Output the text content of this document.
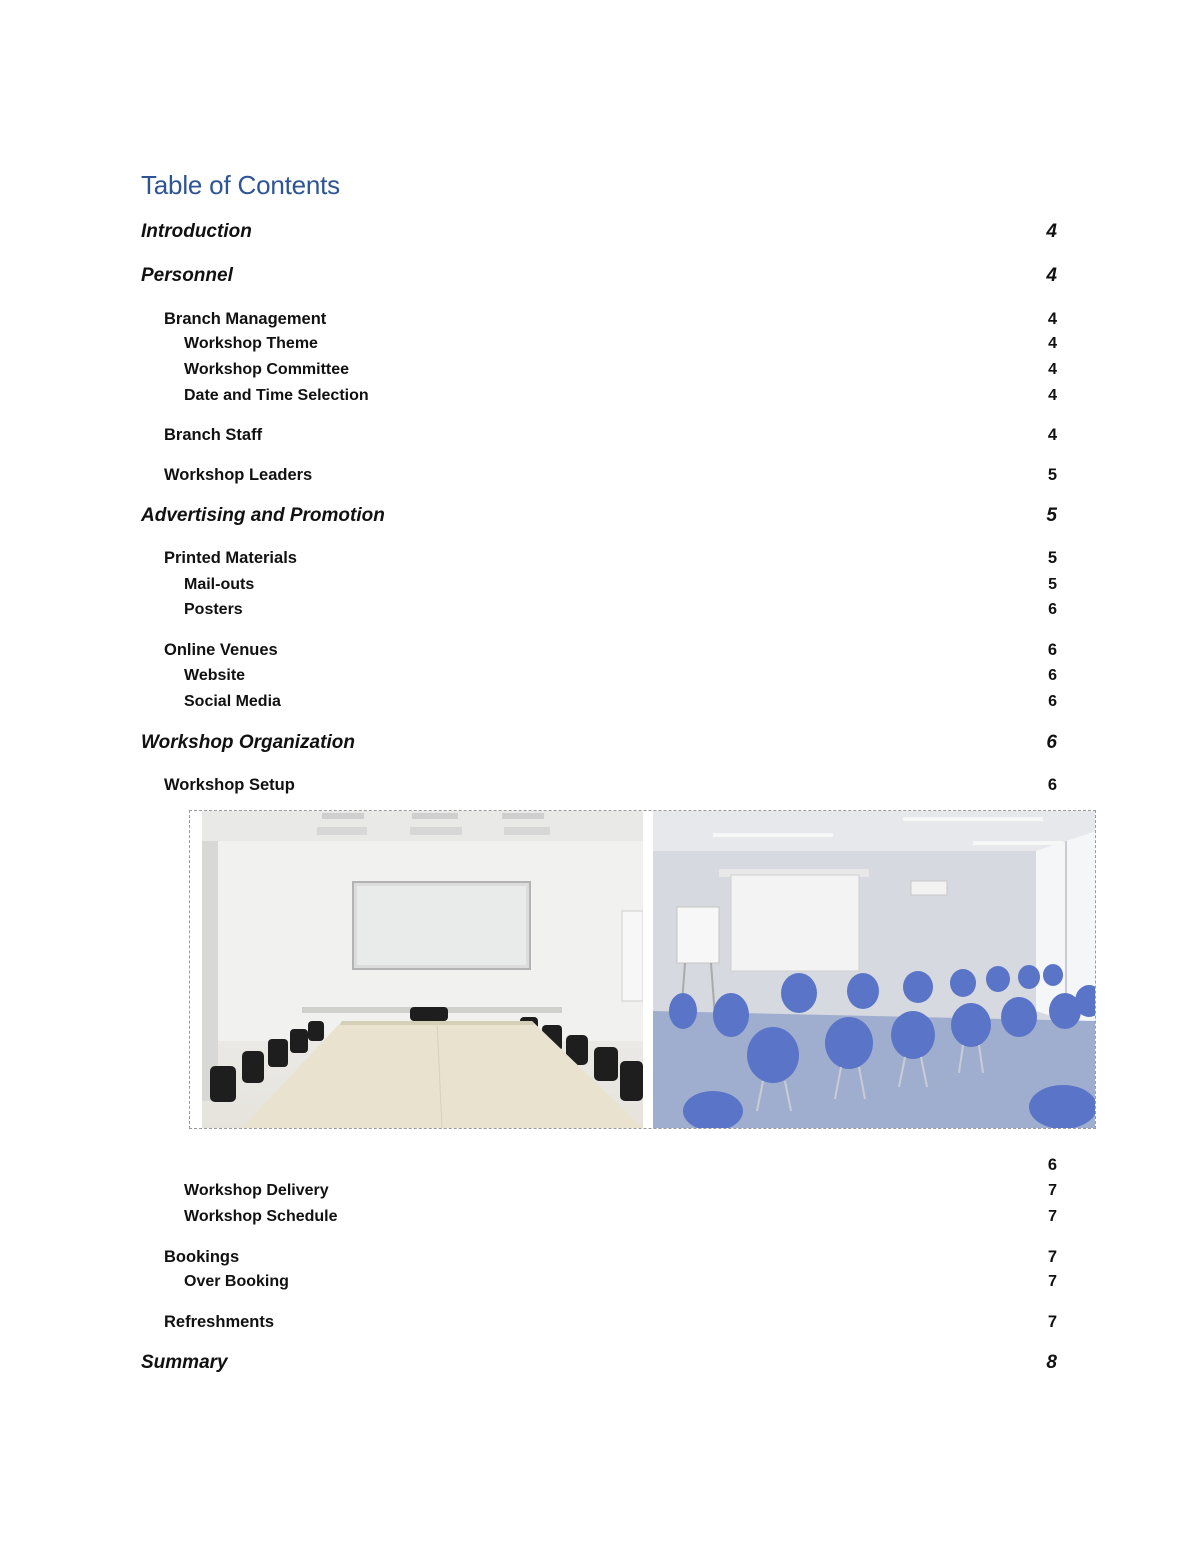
Table of Contents
Introduction	4
Personnel	4
Branch Management	4
Workshop Theme	4
Workshop Committee	4
Date and Time Selection	4
Branch Staff	4
Workshop Leaders	5
Advertising and Promotion	5
Printed Materials	5
Mail-outs	5
Posters	6
Online Venues	6
Website	6
Social Media	6
Workshop Organization	6
Workshop Setup	6
6
Workshop Delivery	7
Workshop Schedule	7
Bookings	7
Over Booking	7
Refreshments	7
Summary	8
